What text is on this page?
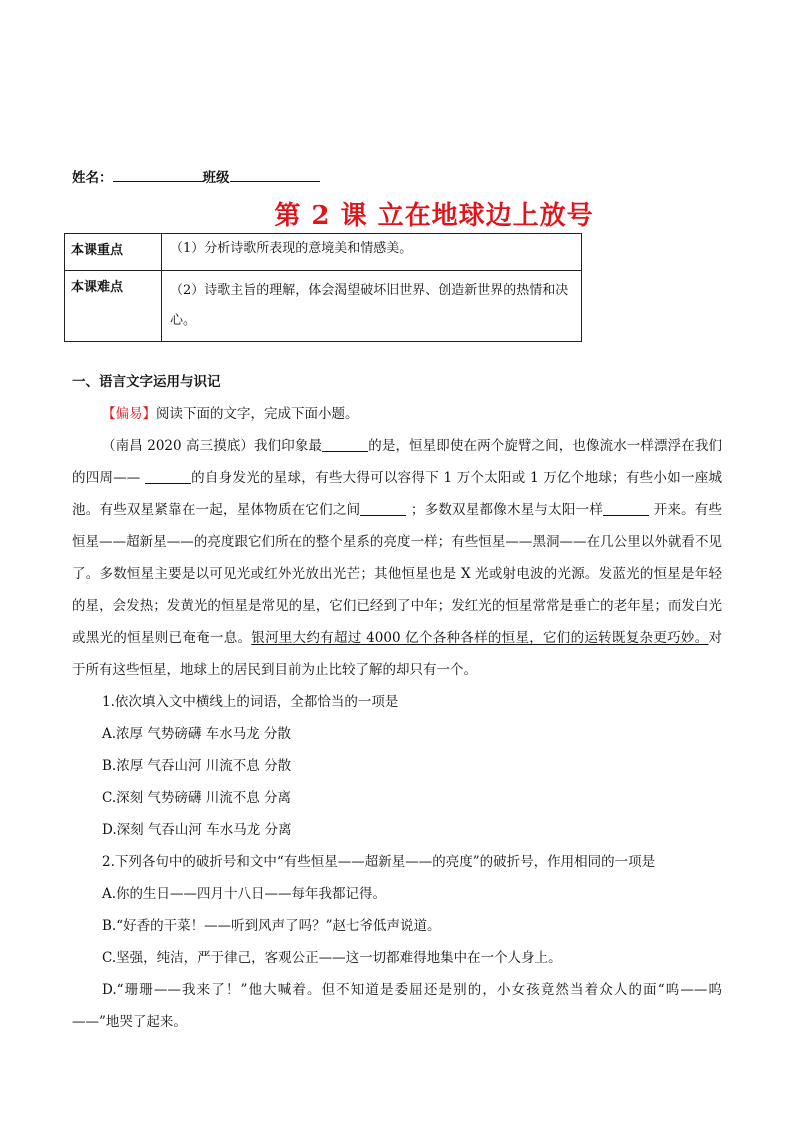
姓名：	班级
第 2 课 立在地球边上放号
本课重点	（1）分析诗歌所表现的意境美和情感美。
本课难点	（2）诗歌主旨的理解，体会渴望破坏旧世界、创造新世界的热情和决心。
一、语言文字运用与识记

【偏易】阅读下面的文字，完成下面小题。

（南昌 2020 高三摸底）我们印象最	的是，恒星即使在两个旋臂之间，也像流水一样漂浮在我们的四周——	的自身发光的星球，有些大得可以容得下 1 万个太阳或 1 万亿个地球；有些小如一座城池。有些双星紧靠在一起，星体物质在它们之间	；多数双星都像木星与太阳一样	开来。有些恒星——超新星——的亮度跟它们所在的整个星系的亮度一样；有些恒星——黑洞——在几公里以外就看不见了。多数恒星主要是以可见光或红外光放出光芒；其他恒星也是 X 光或射电波的光源。发蓝光的恒星是年轻的星，会发热；发黄光的恒星是常见的星，它们已经到了中年；发红光的恒星常常是垂亡的老年星；而发白光或黑光的恒星则已奄奄一息。银河里大约有超过 4000 亿个各种各样的恒星，它们的运转既复杂更巧妙。对于所有这些恒星，地球上的居民到目前为止比较了解的却只有一个。

1.依次填入文中横线上的词语，全都恰当的一项是

A.浓厚 气势磅礴 车水马龙 分散

B.浓厚 气吞山河 川流不息 分散

C.深刻 气势磅礴 川流不息 分离

D.深刻 气吞山河 车水马龙 分离

2.下列各句中的破折号和文中“有些恒星——超新星——的亮度”的破折号，作用相同的一项是

A.你的生日——四月十八日——每年我都记得。

B.“好香的干菜！——听到风声了吗？”赵七爷低声说道。

C.坚强，纯洁，严于律己，客观公正——这一切都难得地集中在一个人身上。

D.“珊珊——我来了！”他大喊着。但不知道是委屈还是别的，小女孩竟然当着众人的面“呜——呜——”地哭了起来。
